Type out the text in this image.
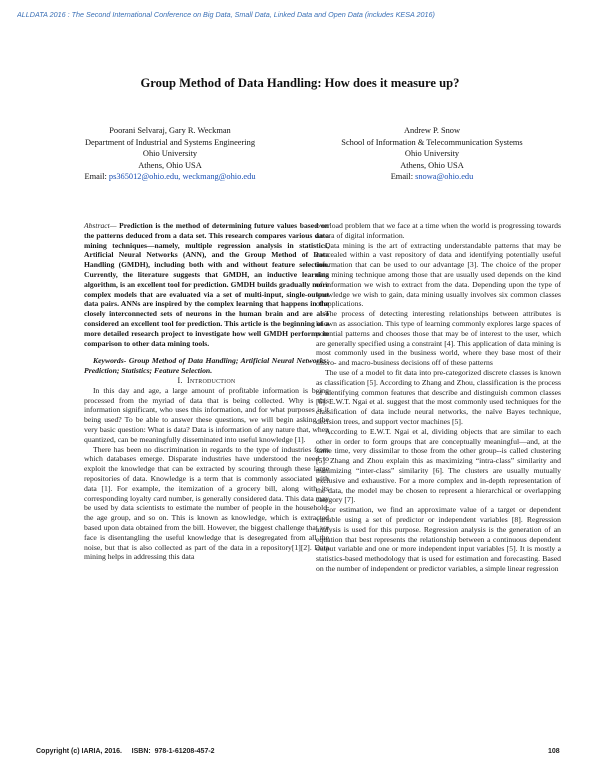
ALLDATA 2016 : The Second International Conference on Big Data, Small Data, Linked Data and Open Data (includes KESA 2016)
Group Method of Data Handling: How does it measure up?
Poorani Selvaraj, Gary R. Weckman
Department of Industrial and Systems Engineering
Ohio University
Athens, Ohio USA
Email: ps365012@ohio.edu, weckmang@ohio.edu
Andrew P. Snow
School of Information & Telecommunication Systems
Ohio University
Athens, Ohio USA
Email: snowa@ohio.edu

Abstract— Prediction is the method of determining future values based on the patterns deduced from a data set. This research compares various data mining techniques—namely, multiple regression analysis in statistics, Artificial Neural Networks (ANN), and the Group Method of Data Handling (GMDH), including both with and without feature selection. Currently, the literature suggests that GMDH, an inductive learning algorithm, is an excellent tool for prediction. GMDH builds gradually more complex models that are evaluated via a set of multi-input, single-output data pairs. ANNs are inspired by the complex learning that happens in the closely interconnected sets of neurons in the human brain and are also considered an excellent tool for prediction. This article is the beginning of a more detailed research project to investigate how well GMDH performs in comparison to other data mining tools.

Keywords- Group Method of Data Handling; Artificial Neural Networks; Prediction; Statistics; Feature Selection.

I. Introduction

In this day and age, a large amount of profitable information is being processed from the myriad of data that is being collected. Why is this information significant, who uses this information, and for what purposes is it being used? To be able to answer these questions, we will begin asking the very basic question: What is data? Data is information of any nature that, when quantized, can be meaningfully disseminated into useful knowledge [1].

There has been no discrimination in regards to the type of industries from which databases emerge. Disparate industries have understood the need to exploit the knowledge that can be extracted by scouring through these large repositories of data. Knowledge is a term that is commonly associated with data [1]. For example, the itemization of a grocery bill, along with its corresponding loyalty card number, is generally considered data. This data may be used by data scientists to estimate the number of people in the household, the age group, and so on. This is known as knowledge, which is extracted based upon data obtained from the bill. However, the biggest challenge that we face is disentangling the useful knowledge that is desegregated from all the noise, but that is also collected as part of the data in a repository[1][2]. Data mining helps in addressing this data

overload problem that we face at a time when the world is progressing towards an era of digital information.

Data mining is the art of extracting understandable patterns that may be concealed within a vast repository of data and identifying potentially useful information that can be used to our advantage [3]. The choice of the proper data mining technique among those that are usually used depends on the kind of information we wish to extract from the data. Depending upon the type of knowledge we wish to gain, data mining usually involves six common classes of applications.

The process of detecting interesting relationships between attributes is known as association. This type of learning commonly explores large spaces of potential patterns and chooses those that may be of interest to the user, which are generally specified using a constraint [4]. This application of data mining is most commonly used in the business world, where they base most of their micro- and macro-business decisions off of these patterns

The use of a model to fit data into pre-categorized discrete classes is known as classification [5]. According to Zhang and Zhou, classification is the process of identifying common features that describe and distinguish common classes [6]. E.W.T. Ngai et al. suggest that the most commonly used techniques for the classification of data include neural networks, the naïve Bayes technique, decision trees, and support vector machines [5].

According to E.W.T. Ngai et al, dividing objects that are similar to each other in order to form groups that are conceptually meaningful—and, at the same time, very dissimilar to those from the other group--is called clustering [5]. Zhang and Zhou explain this as maximizing “intra-class” similarity and minimizing “inter-class” similarity [6]. The clusters are usually mutually exclusive and exhaustive. For a more complex and in-depth representation of the data, the model may be chosen to represent a hierarchical or overlapping category [7].

For estimation, we find an approximate value of a target or dependent variable using a set of predictor or independent variables [8]. Regression analysis is used for this purpose. Regression analysis is the generation of an equation that best represents the relationship between a continuous dependent output variable and one or more independent input variables [5]. It is mostly a statistics-based methodology that is used for estimation and forecasting. Based on the number of independent or predictor variables, a simple linear regression

Copyright (c) IARIA, 2016.     ISBN:  978-1-61208-457-2	108
